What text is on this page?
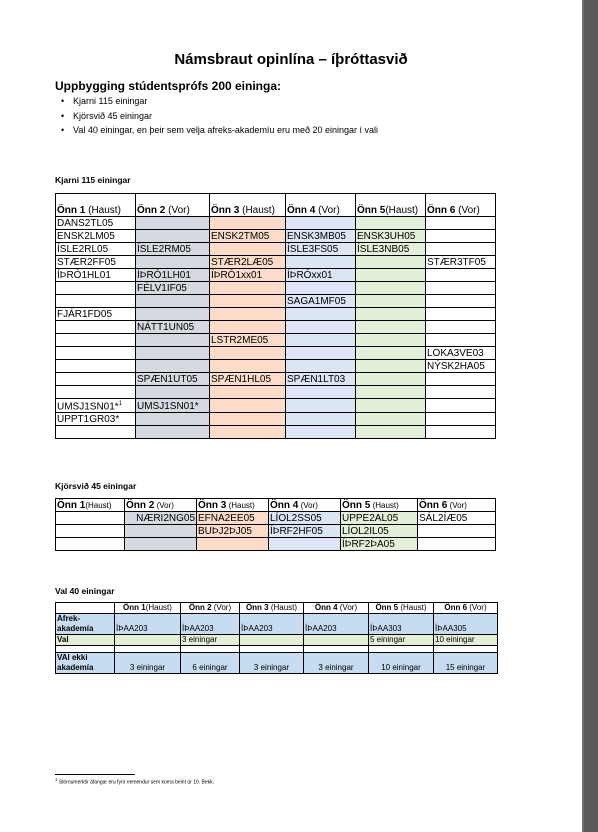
Námsbraut opinlína – íþróttasvið
Uppbygging stúdentsprófs 200 eininga:
• Kjarni 115 einingar
• Kjörsvið 45 einingar
• Val 40 einingar, en þeir sem velja afreks-akademíu eru með 20 einingar í vali
Kjarni 115 einingar
Önn 1 (Haust)	Önn 2 (Vor)	Önn 3 (Haust)	Önn 4 (Vor)	Önn 5(Haust)	Önn 6 (Vor)
DANS2TL05					
ENSK2LM05		ENSK2TM05	ENSK3MB05	ENSK3UH05	
ÍSLE2RL05	ÍSLE2RM05		ÍSLE3FS05	ÍSLE3NB05	
STÆR2FF05		STÆR2LÆ05			STÆR3TF05
ÍÞRÓ1HL01	ÍÞRÓ1LH01	ÍÞRÓ1xx01	ÍÞRÓxx01		
	FÉLV1IF05				
			SAGA1MF05		
FJÁR1FD05					
	NÁTT1UN05				
		LSTR2ME05			
					LOKA3VE03
					NÝSK2HA05
	SPÆN1UT05	SPÆN1HL05	SPÆN1LT03		

UMSJ1SN01*$^1$	UMSJ1SN01*				
UPPT1GR03*					

Kjörsvið 45 einingar
Önn 1(Haust)	Önn 2 (Vor)	Önn 3 (Haust)	Önn 4 (Vor)	Önn 5 (Haust)	Önn 6 (Vor)
	NÆRI2NG05	EFNA2EE05	LÍOL2SS05	UPPE2AL05	SÁL2ÍÆ05
		BUÞJ2ÞJ05	ÍÞRF2HF05	LÍOL2IL05	
				ÍÞRF2ÞA05	
Val 40 einingar
	Önn 1(Haust)	Önn 2 (Vor)	Önn 3 (Haust)	Önn 4 (Vor)	Önn 5 (Haust)	Önn 6 (Vor)

Afrek-
akademía	ÍÞAA203	ÍÞAA203	ÍÞAA203	ÍÞAA203	ÍÞAA303	ÍÞAA305
Val		3 einingar			5 einingar	10 einingar

VAl ekki
akademía	3 einingar	6 einingar	3 einingar	3 einingar	10 einingar	15 einingar
$^1$ Stórnumerktir áfangar eru fyrir nemendur sem koma beint úr 10. Bekk.
